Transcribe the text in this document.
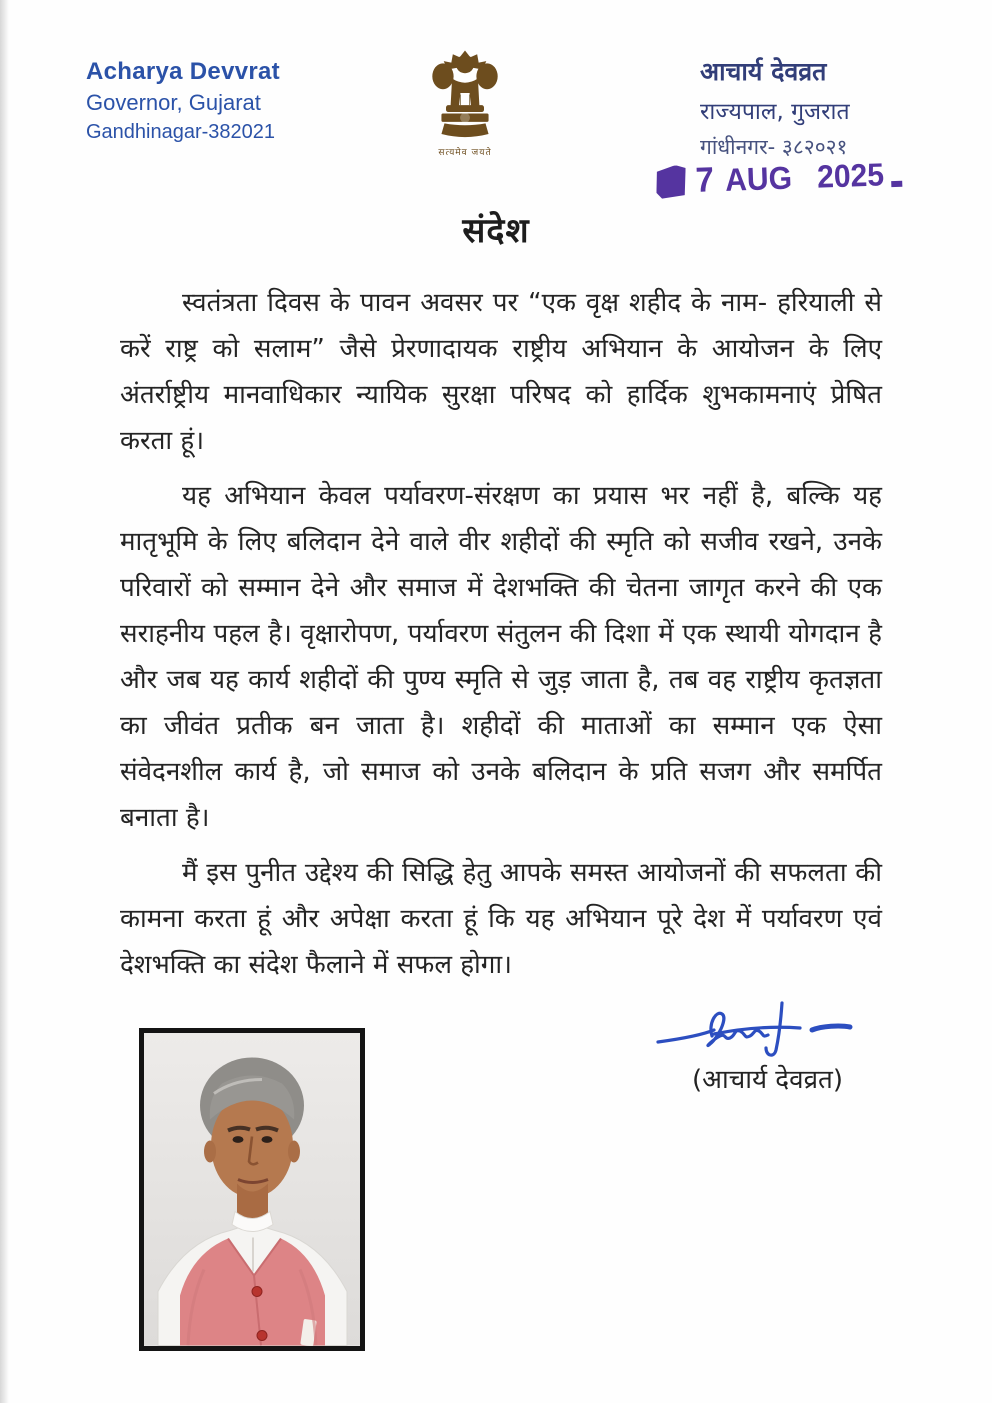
Acharya Devvrat
Governor, Gujarat
Gandhinagar-382021
सत्यमेव जयते
आचार्य देवव्रत
राज्यपाल, गुजरात
गांधीनगर- ३८२०२१
7 AUG 2025
संदेश

स्वतंत्रता दिवस के पावन अवसर पर “एक वृक्ष शहीद के नाम- हरियाली से करें राष्ट्र को सलाम” जैसे प्रेरणादायक राष्ट्रीय अभियान के आयोजन के लिए अंतर्राष्ट्रीय मानवाधिकार न्यायिक सुरक्षा परिषद को हार्दिक शुभकामनाएं प्रेषित करता हूं।

यह अभियान केवल पर्यावरण-संरक्षण का प्रयास भर नहीं है, बल्कि यह मातृभूमि के लिए बलिदान देने वाले वीर शहीदों की स्मृति को सजीव रखने, उनके परिवारों को सम्मान देने और समाज में देशभक्ति की चेतना जागृत करने की एक सराहनीय पहल है। वृक्षारोपण, पर्यावरण संतुलन की दिशा में एक स्थायी योगदान है और जब यह कार्य शहीदों की पुण्य स्मृति से जुड़ जाता है, तब वह राष्ट्रीय कृतज्ञता का जीवंत प्रतीक बन जाता है। शहीदों की माताओं का सम्मान एक ऐसा संवेदनशील कार्य है, जो समाज को उनके बलिदान के प्रति सजग और समर्पित बनाता है।

मैं इस पुनीत उद्देश्य की सिद्धि हेतु आपके समस्त आयोजनों की सफलता की कामना करता हूं और अपेक्षा करता हूं कि यह अभियान पूरे देश में पर्यावरण एवं देशभक्ति का संदेश फैलाने में सफल होगा।

(आचार्य देवव्रत)
